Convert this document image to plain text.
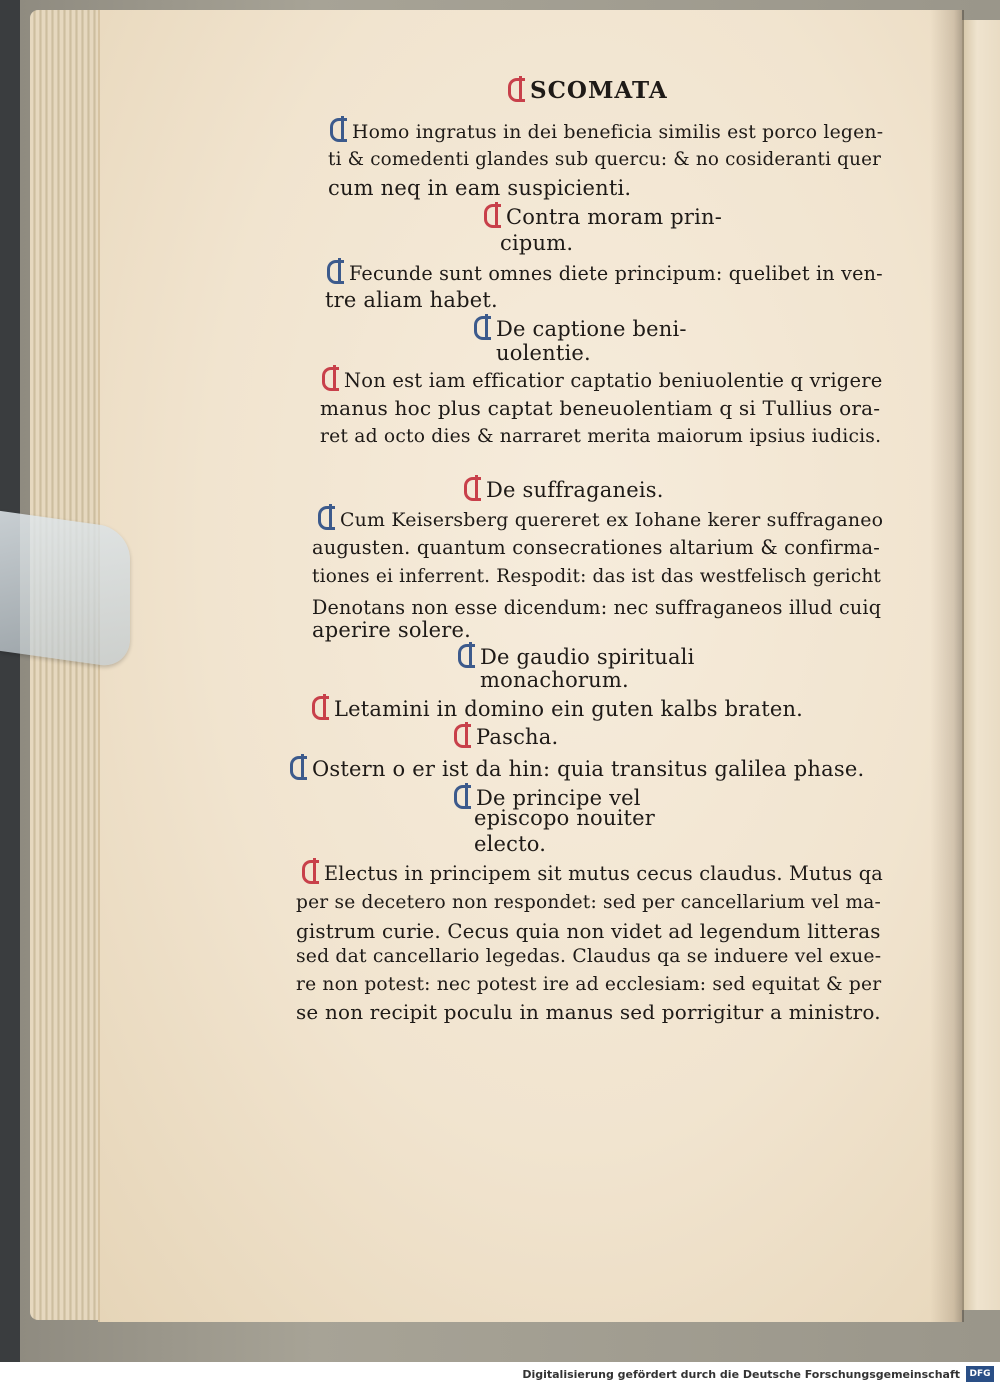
SCOMATA
Homo ingratus in dei beneficia similis est porco legen-
ti & comedenti glandes sub quercu: & no cosideranti quer
cum neq in eam suspicienti.
Contra moram prin-
cipum.
Fecunde sunt omnes diete principum: quelibet in ven-
tre aliam habet.
De captione beni-
uolentie.
Non est iam efficatior captatio beniuolentie q vrigere
manus hoc plus captat beneuolentiam q si Tullius ora-
ret ad octo dies & narraret merita maiorum ipsius iudicis.
De suffraganeis.
Cum Keisersberg quereret ex Iohane kerer suffraganeo
augusten. quantum consecrationes altarium & confirma-
tiones ei inferrent. Respodit: das ist das westfelisch gericht
Denotans non esse dicendum: nec suffraganeos illud cuiq
aperire solere.
De gaudio spirituali
monachorum.
Letamini in domino ein guten kalbs braten.
Pascha.
Ostern o er ist da hin: quia transitus galilea phase.
De principe vel
episcopo nouiter
electo.
Electus in principem sit mutus cecus claudus. Mutus qa
per se decetero non respondet: sed per cancellarium vel ma-
gistrum curie. Cecus quia non videt ad legendum litteras
sed dat cancellario legedas. Claudus qa se induere vel exue-
re non potest: nec potest ire ad ecclesiam: sed equitat & per
se non recipit poculu in manus sed porrigitur a ministro.
Digitalisierung gefördert durch die Deutsche Forschungsgemeinschaft	DFG
